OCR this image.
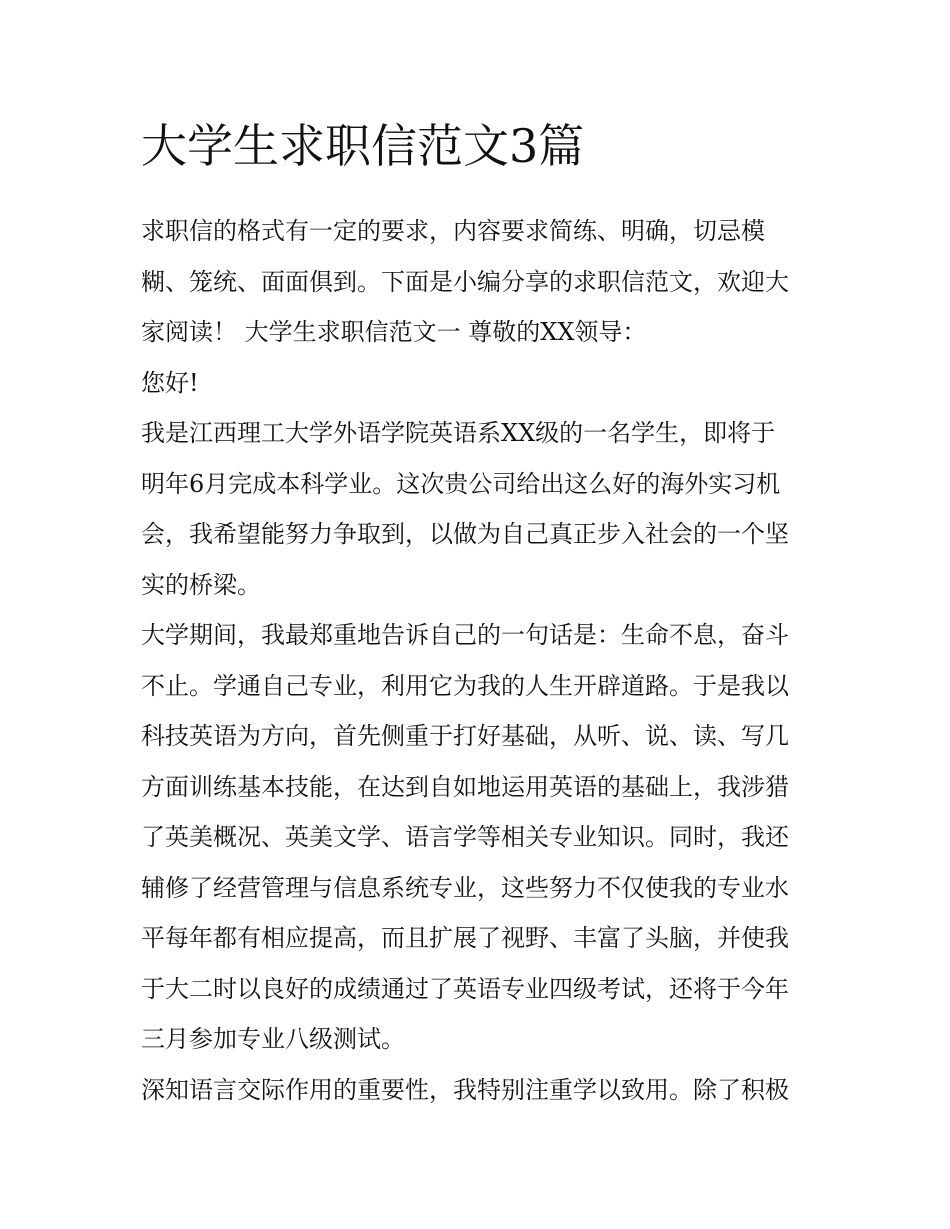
大学生求职信范文3篇

求职信的格式有一定的要求，内容要求简练、明确，切忌模
糊、笼统、面面俱到。下面是小编分享的求职信范文，欢迎大
家阅读！ 大学生求职信范文一 尊敬的XX领导：

您好!

我是江西理工大学外语学院英语系XX级的一名学生，即将于
明年6月完成本科学业。这次贵公司给出这么好的海外实习机
会，我希望能努力争取到，以做为自己真正步入社会的一个坚
实的桥梁。

大学期间，我最郑重地告诉自己的一句话是：生命不息，奋斗
不止。学通自己专业，利用它为我的人生开辟道路。于是我以
科技英语为方向，首先侧重于打好基础，从听、说、读、写几
方面训练基本技能，在达到自如地运用英语的基础上，我涉猎
了英美概况、英美文学、语言学等相关专业知识。同时，我还
辅修了经营管理与信息系统专业，这些努力不仅使我的专业水
平每年都有相应提高，而且扩展了视野、丰富了头脑，并使我
于大二时以良好的成绩通过了英语专业四级考试，还将于今年
三月参加专业八级测试。

深知语言交际作用的重要性，我特别注重学以致用。除了积极
